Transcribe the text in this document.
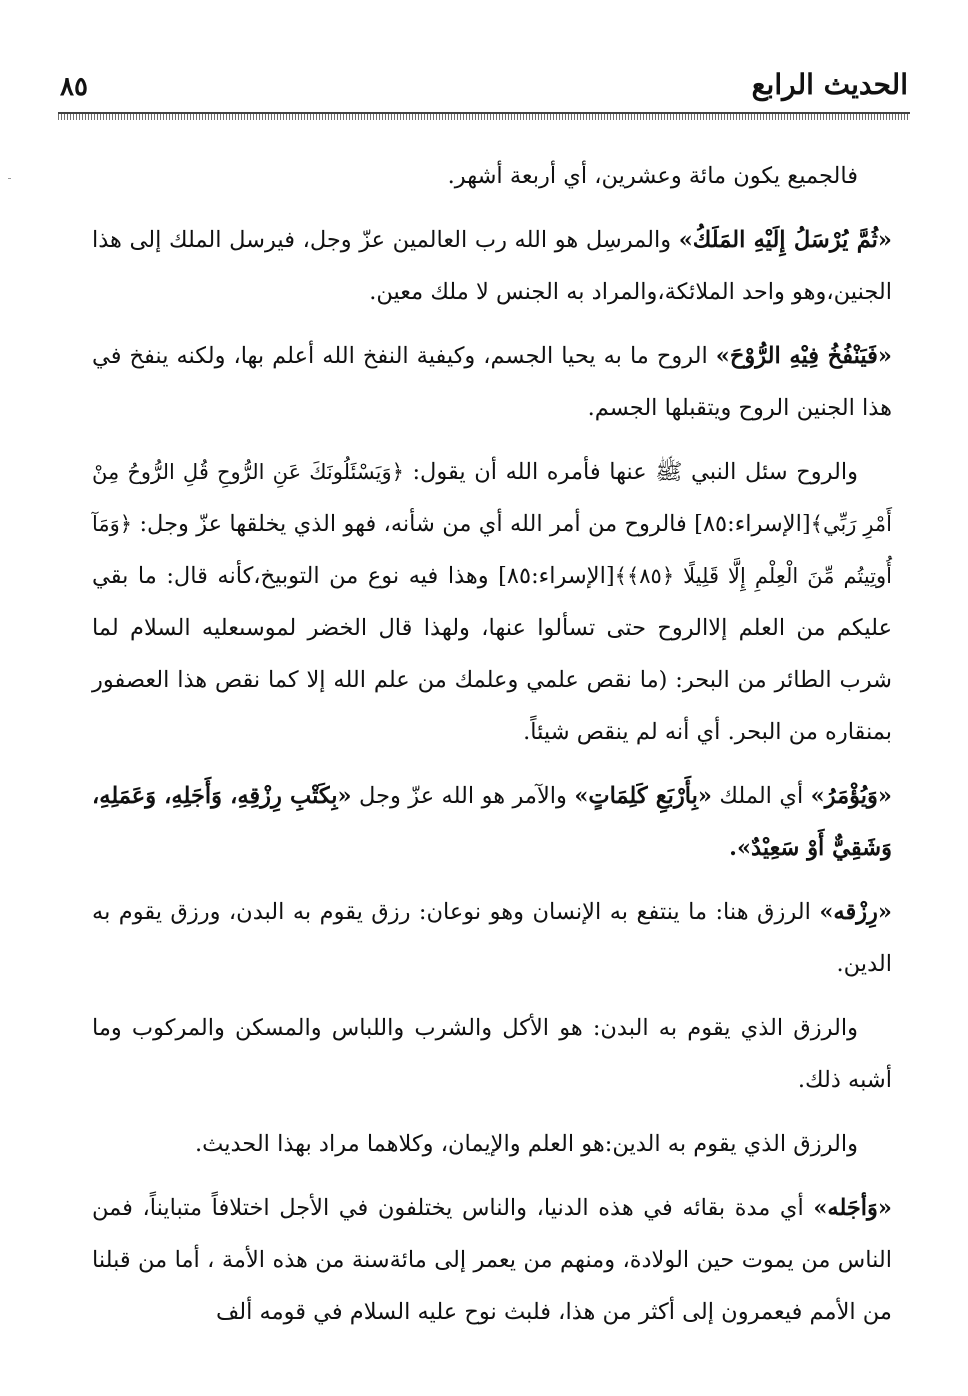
٨٥	الحديث الرابع

فالجميع يكون مائة وعشرين، أي أربعة أشهر.

«ثُمَّ يُرْسَلُ إِلَيْهِ المَلَكُ» والمرسِل هو الله رب العالمين عزّ وجل، فيرسل الملك إلى هذا الجنين،وهو واحد الملائكة،والمراد به الجنس لا ملك معين.

«فَيَنْفُخُ فِيْهِ الرُّوْحَ» الروح ما به يحيا الجسم، وكيفية النفخ الله أعلم بها، ولكنه ينفخ في هذا الجنين الروح ويتقبلها الجسم.

والروح سئل النبي ﷺ عنها فأمره الله أن يقول: ﴿وَيَسْئَلُونَكَ عَنِ الرُّوحِ قُلِ الرُّوحُ مِنْ أَمْرِ رَبِّي﴾[الإسراء:٨٥] فالروح من أمر الله أي من شأنه، فهو الذي يخلقها عزّ وجل: ﴿وَمَآ أُوتِيتُم مِّنَ الْعِلْمِ إِلَّا قَلِيلًا ﴿٨٥﴾﴾[الإسراء:٨٥] وهذا فيه نوع من التوبيخ،كأنه قال: ما بقي عليكم من العلم إلاالروح حتى تسألوا عنها، ولهذا قال الخضر لموسىعليه السلام لما شرب الطائر من البحر: (ما نقص علمي وعلمك من علم الله إلا كما نقص هذا العصفور بمنقاره من البحر. أي أنه لم ينقص شيئاً.

«وَيُؤْمَرُ» أي الملك «بِأَرْبَعِ كَلِمَاتٍ» والآمر هو الله عزّ وجل «بِكَتْبِ رِزْقِهِ، وَأَجَلِهِ، وَعَمَلِهِ، وَشَقِيٌّ أَوْ سَعِيْدٌ».

«رِزْقه» الرزق هنا: ما ينتفع به الإنسان وهو نوعان: رزق يقوم به البدن، ورزق يقوم به الدين.

والرزق الذي يقوم به البدن: هو الأكل والشرب واللباس والمسكن والمركوب وما أشبه ذلك.

والرزق الذي يقوم به الدين:هو العلم والإيمان، وكلاهما مراد بهذا الحديث.

«وَأجَله» أي مدة بقائه في هذه الدنيا، والناس يختلفون في الأجل اختلافاً متبايناً، فمن الناس من يموت حين الولادة، ومنهم من يعمر إلى مائةسنة من هذه الأمة ، أما من قبلنا من الأمم فيعمرون إلى أكثر من هذا، فلبث نوح عليه السلام في قومه ألف
